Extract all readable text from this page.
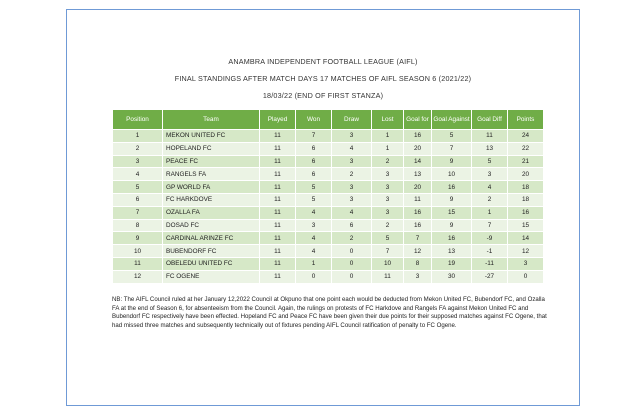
ANAMBRA INDEPENDENT FOOTBALL LEAGUE (AIFL)
FINAL STANDINGS AFTER MATCH DAYS 17 MATCHES OF AIFL SEASON 6 (2021/22)
18/03/22 (END OF FIRST STANZA)
Position	Team	Played	Won	Draw	Lost	Goal for	Goal Against	Goal Diff	Points
1	MEKON UNITED FC	11	7	3	1	16	5	11	24
2	HOPELAND FC	11	6	4	1	20	7	13	22
3	PEACE FC	11	6	3	2	14	9	5	21
4	RANGELS FA	11	6	2	3	13	10	3	20
5	GP WORLD FA	11	5	3	3	20	16	4	18
6	FC HARKDOVE	11	5	3	3	11	9	2	18
7	OZALLA FA	11	4	4	3	16	15	1	16
8	DOSAD FC	11	3	6	2	16	9	7	15
9	CARDINAL ARINZE FC	11	4	2	5	7	16	-9	14
10	BUBENDORF FC	11	4	0	7	12	13	-1	12
11	OBELEDU UNITED FC	11	1	0	10	8	19	-11	3
12	FC OGENE	11	0	0	11	3	30	-27	0
NB: The AIFL Council ruled at her January 12,2022 Council at Okpuno that one point each would be deducted from Mekon United FC, Bubendorf FC, and Ozalla FA at the end of Season 6, for absenteeism from the Council. Again, the rulings on protests of FC Harkdove and Rangels FA against Mekon United FC and Bubendorf FC respectively have been effected. Hopeland FC and Peace FC have been given their due points for their supposed matches against FC Ogene, that had missed three matches and subsequently technically out of fixtures pending AIFL Council ratification of penalty to FC Ogene.
